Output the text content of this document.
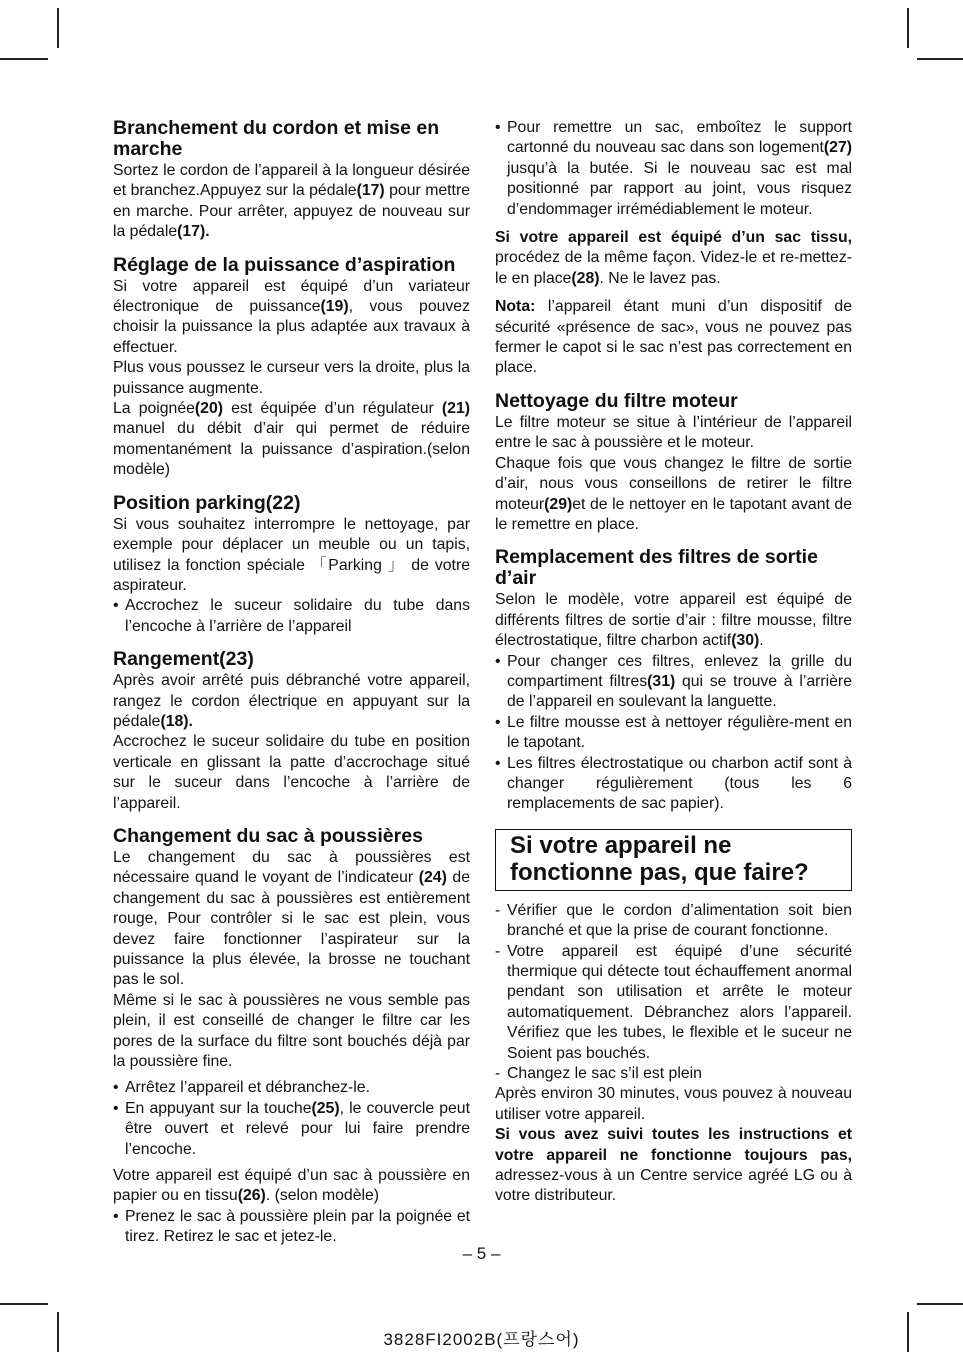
Branchement du cordon et mise en marche

Sortez le cordon de l’appareil à la longueur désirée et branchez.Appuyez sur la pédale(17) pour mettre en marche. Pour arrêter, appuyez de nouveau sur la pédale(17).

Réglage de la puissance d’aspiration

Si votre appareil est équipé d’un variateur électronique de puissance(19), vous pouvez choisir la puissance la plus adaptée aux travaux à effectuer.

Plus vous poussez le curseur vers la droite, plus la puissance augmente.

La poignée(20) est équipée d’un régulateur (21) manuel du débit d’air qui permet de réduire momentanément la puissance d’aspiration.(selon modèle)

Position parking(22)

Si vous souhaitez interrompre le nettoyage, par exemple pour déplacer un meuble ou un tapis, utilisez la fonction spéciale 「Parking 」 de votre aspirateur.

• Accrochez le suceur solidaire du tube dans l’encoche à l’arrière de l’appareil
Rangement(23)

Après avoir arrêté puis débranché votre appareil, rangez le cordon électrique en appuyant sur la pédale(18).

Accrochez le suceur solidaire du tube en position verticale en glissant la patte d’accrochage situé sur le suceur dans l’encoche à l’arrière de l’appareil.

Changement du sac à poussières

Le changement du sac à poussières est nécessaire quand le voyant de l’indicateur (24) de changement du sac à poussières est entièrement rouge, Pour contrôler si le sac est plein, vous devez faire fonctionner l’aspirateur sur la puissance la plus élevée, la brosse ne touchant pas le sol.

Même si le sac à poussières ne vous semble pas plein, il est conseillé de changer le filtre car les pores de la surface du filtre sont bouchés déjà par la poussière fine.

• Arrêtez l’appareil et débranchez-le.
• En appuyant sur la touche(25), le couvercle peut être ouvert et relevé pour lui faire prendre l’encoche.

Votre appareil est équipé d’un sac à poussière en papier ou en tissu(26). (selon modèle)

• Prenez le sac à poussière plein par la poignée et tirez. Retirez le sac et jetez-le.
• Pour remettre un sac, emboîtez le support cartonné du nouveau sac dans son logement(27) jusqu’à la butée. Si le nouveau sac est mal positionné par rapport au joint, vous risquez d’endommager irrémédiablement le moteur.

Si votre appareil est équipé d’un sac tissu, procédez de la même façon. Videz-le et re-mettez-le en place(28). Ne le lavez pas.

Nota: l’appareil étant muni d’un dispositif de sécurité «présence de sac», vous ne pouvez pas fermer le capot si le sac n’est pas correctement en place.

Nettoyage du filtre moteur

Le filtre moteur se situe à l’intérieur de l’appareil entre le sac à poussière et le moteur.

Chaque fois que vous changez le filtre de sortie d’air, nous vous conseillons de retirer le filtre moteur(29)et de le nettoyer en le tapotant avant de le remettre en place.

Remplacement des filtres de sortie d’air

Selon le modèle, votre appareil est équipé de différents filtres de sortie d’air : filtre mousse, filtre électrostatique, filtre charbon actif(30).

• Pour changer ces filtres, enlevez la grille du compartiment filtres(31) qui se trouve à l’arrière de l’appareil en soulevant la languette.
• Le filtre mousse est à nettoyer régulière-ment en le tapotant.
• Les filtres électrostatique ou charbon actif sont à changer régulièrement (tous les 6 remplacements de sac papier).
Si votre appareil ne fonctionne pas, que faire?
- Vérifier que le cordon d’alimentation soit bien branché et que la prise de courant fonctionne.
- Votre appareil est équipé d’une sécurité thermique qui détecte tout échauffement anormal pendant son utilisation et arrête le moteur automatiquement. Débranchez alors l’appareil. Vérifiez que les tubes, le flexible et le suceur ne Soient pas bouchés.
- Changez le sac s’il est plein

Après environ 30 minutes, vous pouvez à nouveau utiliser votre appareil.

Si vous avez suivi toutes les instructions et votre appareil ne fonctionne toujours pas, adressez-vous à un Centre service agréé LG ou à votre distributeur.

– 5 –
3828FI2002B(프랑스어)
